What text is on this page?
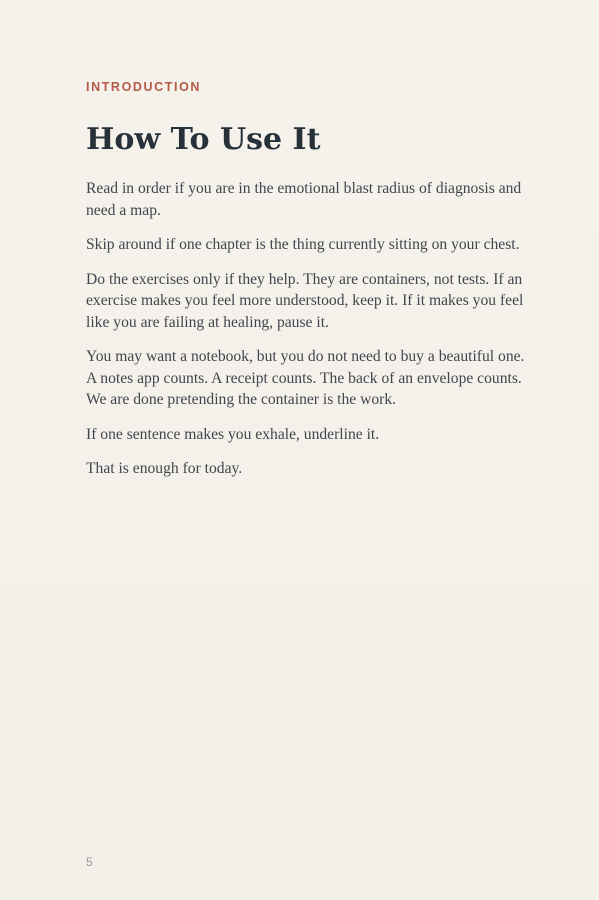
INTRODUCTION
How To Use It

Read in order if you are in the emotional blast radius of diagnosis and need a map.

Skip around if one chapter is the thing currently sitting on your chest.

Do the exercises only if they help. They are containers, not tests. If an exercise makes you feel more understood, keep it. If it makes you feel like you are failing at healing, pause it.

You may want a notebook, but you do not need to buy a beautiful one. A notes app counts. A receipt counts. The back of an envelope counts. We are done pretending the container is the work.

If one sentence makes you exhale, underline it.

That is enough for today.

5
